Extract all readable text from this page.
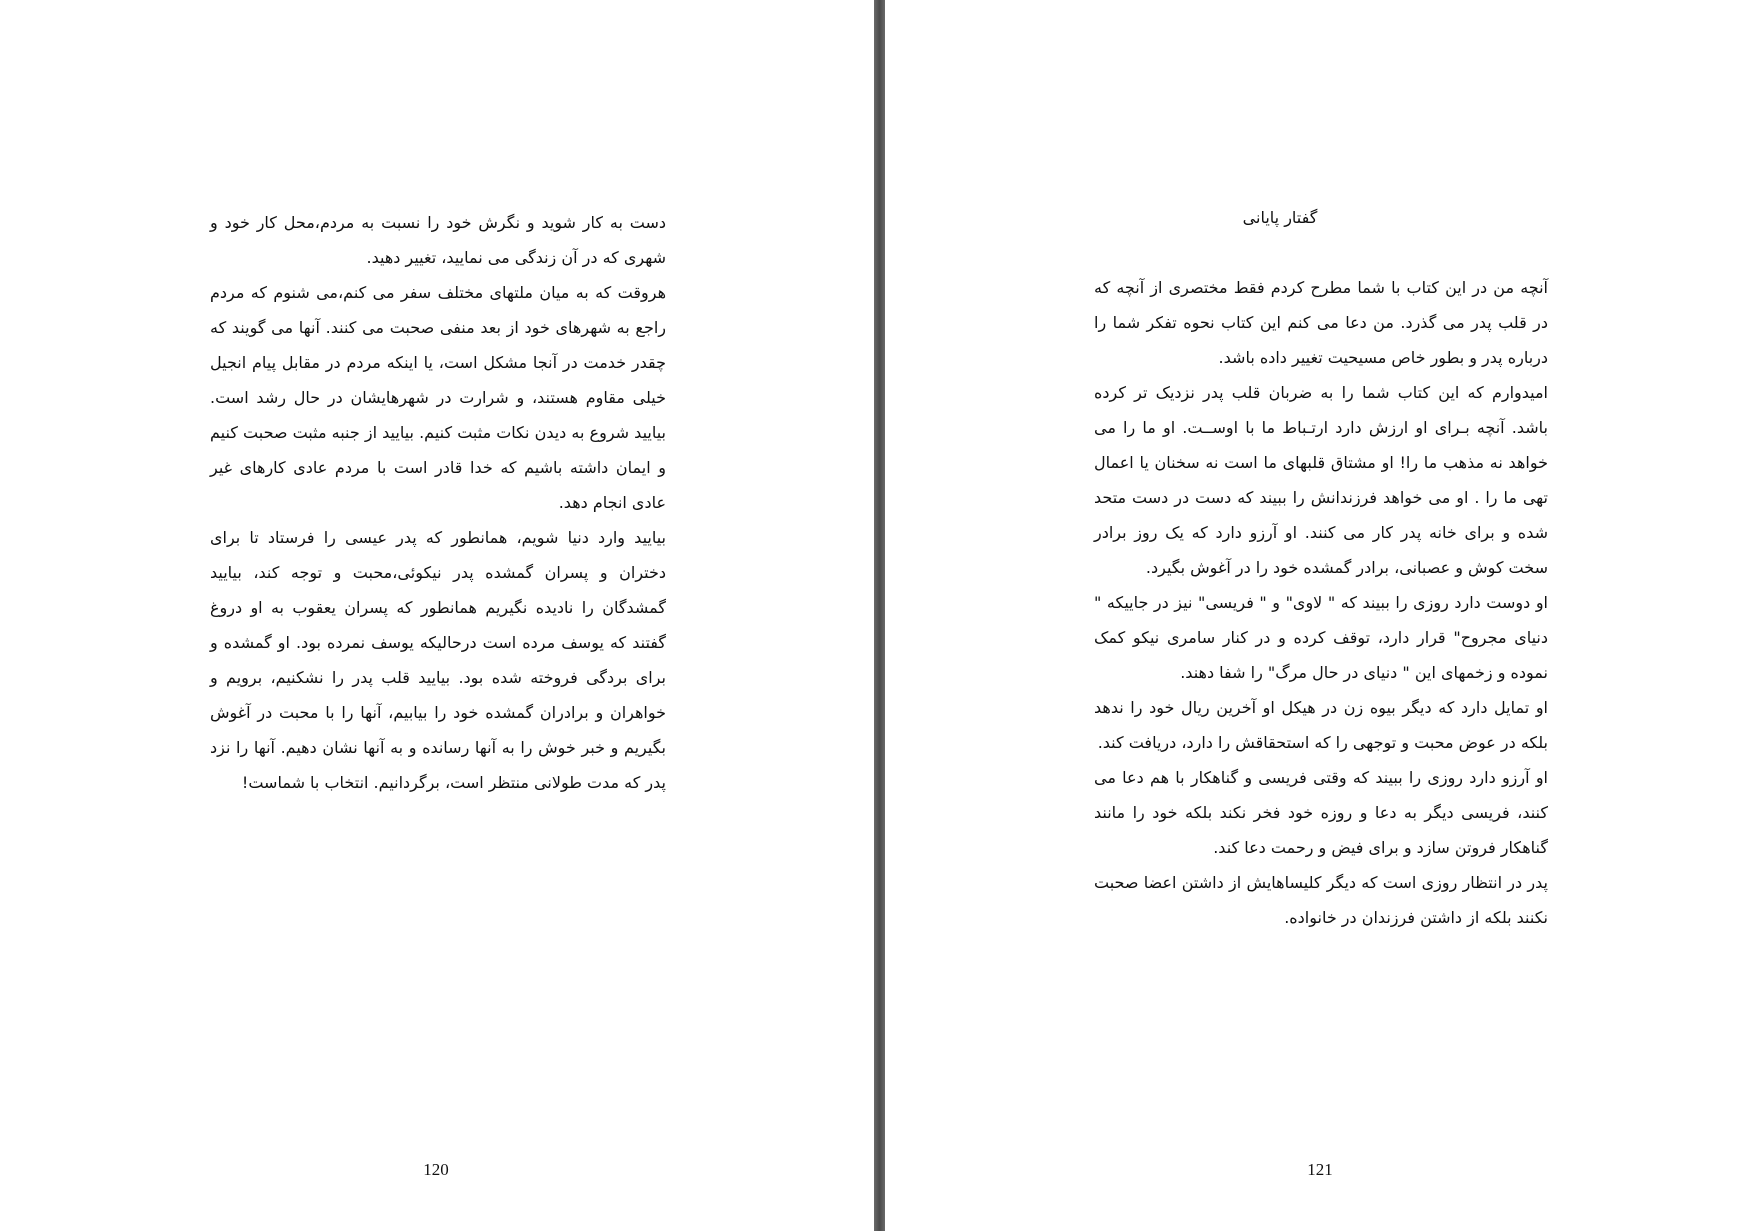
دست به کار شوید و نگرش خود را نسبت به مردم،محل کار خود و شهری که در آن زندگی می نمایید، تغییر دهید.

هروقت که به میان ملتهای مختلف سفر می کنم،می شنوم که مردم راجع به شهرهای خود از بعد منفی صحبت می کنند. آنها می گویند که چقدر خدمت در آنجا مشکل است، یا اینکه مردم در مقابل پیام انجیل خیلی مقاوم هستند، و شرارت در شهرهایشان در حال رشد است. بیایید شروع به دیدن نکات مثبت کنیم. بیایید از جنبه مثبت صحبت کنیم و ایمان داشته باشیم که خدا قادر است با مردم عادی کارهای غیر عادی انجام دهد.

بیایید وارد دنیا شویم، همانطور که پدر عیسی را فرستاد تا برای دختران و پسران گمشده پدر نیکوئی،محبت و توجه کند، بیایید گمشدگان را نادیده نگیریم همانطور که پسران یعقوب به او دروغ گفتند که یوسف مرده است درحالیکه یوسف نمرده بود. او گمشده و برای بردگی فروخته شده بود. بیایید قلب پدر را نشکنیم، برویم و خواهران و برادران گمشده خود را بیابیم، آنها را با محبت در آغوش بگیریم و خبر خوش را به آنها رسانده و به آنها نشان دهیم. آنها را نزد پدر که مدت طولانی منتظر است، برگردانیم. انتخاب با شماست!

120
گفتار پایانی

آنچه من در این کتاب با شما مطرح کردم فقط مختصری از آنچه که در قلب پدر می گذرد. من دعا می کنم این کتاب نحوه تفکر شما را درباره پدر و بطور خاص مسیحیت تغییر داده باشد.

امیدوارم که این کتاب شما را به ضربان قلب پدر نزدیک تر کرده باشد. آنچه بـرای او ارزش دارد ارتـباط ما با اوســت. او ما را می خواهد نه مذهب ما را! او مشتاق قلبهای ما است نه سخنان یا اعمال تهی ما را . او می خواهد فرزندانش را ببیند که دست در دست متحد شده و برای خانه پدر کار می کنند. او آرزو دارد که یک روز برادر سخت کوش و عصبانی، برادر گمشده خود را در آغوش بگیرد.

او دوست دارد روزی را ببیند که " لاوی" و " فریسی" نیز در جاییکه " دنیای مجروح" قرار دارد، توقف کرده و در کنار سامری نیکو کمک نموده و زخمهای این " دنیای در حال مرگ" را شفا دهند.

او تمایل دارد که دیگر بیوه زن در هیکل او آخرین ریال خود را ندهد بلکه در عوض محبت و توجهی را که استحقاقش را دارد، دریافت کند.

او آرزو دارد روزی را ببیند که وقتی فریسی و گناهکار با هم دعا می کنند، فریسی دیگر به دعا و روزه خود فخر نکند بلکه خود را مانند گناهکار فروتن سازد و برای فیض و رحمت دعا کند.

پدر در انتظار روزی است که دیگر کلیساهایش از داشتن اعضا صحبت نکنند بلکه از داشتن فرزندان در خانواده.

121
